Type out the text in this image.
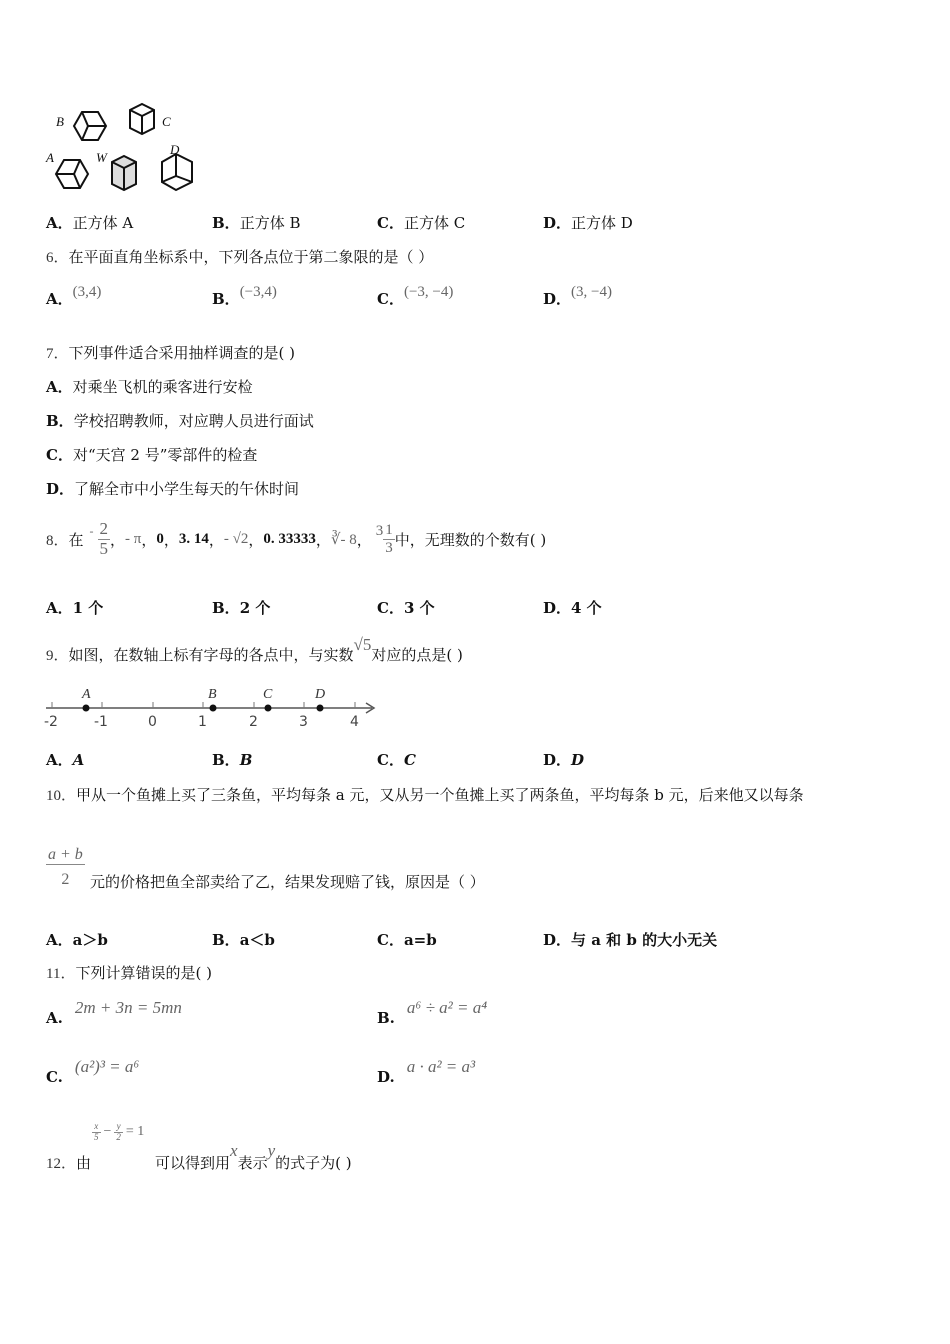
B	C
A	W
D
A．正方体 A	B．正方体 B	C．正方体 C	D．正方体 D
6．在平面直角坐标系中，下列各点位于第二象限的是（ ）
A．(3,4)	B．(−3,4)	C．(−3, −4)	D．(3, −4)
7．下列事件适合采用抽样调查的是( )
A．对乘坐飞机的乘客进行安检
B．学校招聘教师，对应聘人员进行面试
C．对“天宫 2 号”零部件的检查
D．了解全市中小学生每天的午休时间
8． 在 - $\frac{2}{5}$ ， - π ， 0 ， 3. 14 ， - √2 ， 0. 33333 ， ∛- 8 ， $3 \frac{1}{3}$ 中，无理数的个数有( )
A．1 个	B．2 个	C．3 个	D．4 个
9．如图，在数轴上标有字母的各点中，与实数√5对应的点是( )
A	B	C	D
-2	-1	0	1	2	3	4
A．A	B．B	C．C	D．D
10．甲从一个鱼摊上买了三条鱼，平均每条 a 元，又从另一个鱼摊上买了两条鱼，平均每条 b 元，后来他又以每条
$\frac{a + b}{2}$ 元的价格把鱼全部卖给了乙，结果发现赔了钱，原因是（ ）
A．a＞b	B．a＜b	C．a=b	D．与 a 和 b 的大小无关
11．下列计算错误的是( )
A.2m + 3n = 5mn
B.a⁶ ÷ a² = a⁴
C.(a²)³ = a⁶
D.a · a² = a³
$\frac{x}{5} - \frac{y}{2} = 1$
12．由	可以得到用x表示y的式子为( )
